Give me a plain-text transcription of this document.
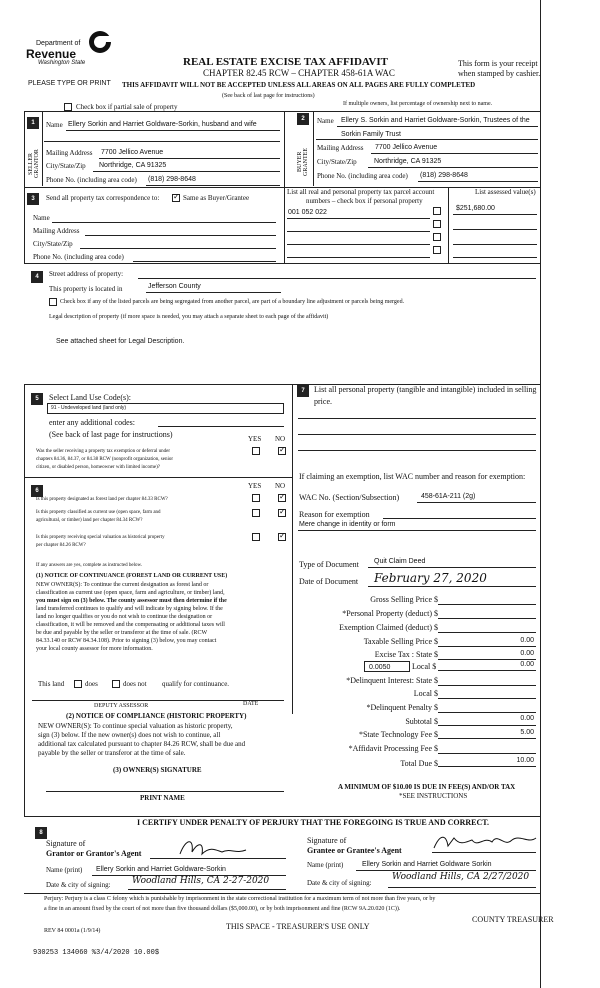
Department of
Revenue
Washington State
PLEASE TYPE OR PRINT
REAL ESTATE EXCISE TAX AFFIDAVIT
CHAPTER 82.45 RCW – CHAPTER 458-61A WAC
THIS AFFIDAVIT WILL NOT BE ACCEPTED UNLESS ALL AREAS ON ALL PAGES ARE FULLY COMPLETED
(See back of last page for instructions)
This form is your receipt
when stamped by cashier.
Check box if partial sale of property	If multiple owners, list percentage of ownership next to name.
1
SELLER GRANTOR
Name Ellery Sorkin and Harriet Goldware-Sorkin, husband and wife
Mailing Address 7700 Jellico Avenue
City/State/Zip Northridge, CA 91325
Phone No. (including area code) (818) 298-8648
2
BUYER GRANTEE
Name Ellery S. Sorkin and Harriet Goldware-Sorkin, Trustees of the
Sorkin Family Trust
Mailing Address 7700 Jellico Avenue
City/State/Zip Northridge, CA 91325
Phone No. (including area code) (818) 298-8648
3	Send all property tax correspondence to:
✓	Same as Buyer/Grantee
Name
Mailing Address
City/State/Zip
Phone No. (including area code)
List all real and personal property tax parcel account
numbers – check box if personal property
List assessed value(s)
001 052 022
$251,680.00
4	Street address of property:
This property is located in	Jefferson County
Check box if any of the listed parcels are being segregated from another parcel, are part of a boundary line adjustment or parcels being merged.
Legal description of property (if more space is needed, you may attach a separate sheet to each page of the affidavit)
See attached sheet for Legal Description.
5	Select Land Use Code(s):
91 - Undeveloped land (land only)
enter any additional codes:
(See back of last page for instructions)	YES NO
Was the seller receiving a property tax exemption or deferral under
chapters 84.36, 84.37, or 84.38 RCW (nonprofit organization, senior
citizen, or disabled person, homeowner with limited income)?
✓
6
YES NO
Is this property designated as forest land per chapter 84.33 RCW?
✓
Is this property classified as current use (open space, farm and
agricultural, or timber) land per chapter 84.34 RCW?
✓
Is this property receiving special valuation as historical property
per chapter 84.26 RCW?
✓
If any answers are yes, complete as instructed below.
(1) NOTICE OF CONTINUANCE (FOREST LAND OR CURRENT USE)
NEW OWNER(S): To continue the current designation as forest land or
classification as current use (open space, farm and agriculture, or timber) land,
you must sign on (3) below. The county assessor must then determine if the
land transferred continues to qualify and will indicate by signing below. If the
land no longer qualifies or you do not wish to continue the designation or
classification, it will be removed and the compensating or additional taxes will
be due and payable by the seller or transferor at the time of sale. (RCW
84.33.140 or RCW 84.34.108). Prior to signing (3) below, you may contact
your local county assessor for more information.
This land	does	does not qualify for continuance.
DEPUTY ASSESSOR	DATE
(2) NOTICE OF COMPLIANCE (HISTORIC PROPERTY)
NEW OWNER(S): To continue special valuation as historic property,
sign (3) below. If the new owner(s) does not wish to continue, all
additional tax calculated pursuant to chapter 84.26 RCW, shall be due and
payable by the seller or transferor at the time of sale.
(3) OWNER(S) SIGNATURE
PRINT NAME
7	List all personal property (tangible and intangible) included in selling
price.
If claiming an exemption, list WAC number and reason for exemption:
WAC No. (Section/Subsection)	458-61A-211 (2g)
Reason for exemption
Mere change in identity or form
Type of Document Quit Claim Deed
Date of Document February 27, 2020
Gross Selling Price $
*Personal Property (deduct) $
Exemption Claimed (deduct) $
Taxable Selling Price $	0.00
Excise Tax : State $	0.00
0.0050	Local $	0.00
*Delinquent Interest: State $
Local $
*Delinquent Penalty $
Subtotal $	0.00
*State Technology Fee $	5.00
*Affidavit Processing Fee $
Total Due $	10.00
A MINIMUM OF $10.00 IS DUE IN FEE(S) AND/OR TAX
*SEE INSTRUCTIONS
8
I CERTIFY UNDER PENALTY OF PERJURY THAT THE FOREGOING IS TRUE AND CORRECT.
Signature of
Grantor or Grantor's Agent
Name (print) Ellery Sorkin and Harriet Goldware-Sorkin
Date & city of signing: Woodland Hills, CA 2-27-2020
Signature of
Grantee or Grantee's Agent
Name (print)	Ellery Sorkin and Harriet Goldware Sorkin
Date & city of signing:
Woodland Hills, CA 2/27/2020
Perjury: Perjury is a class C felony which is punishable by imprisonment in the state correctional institution for a maximum term of not more than five years, or by
a fine in an amount fixed by the court of not more than five thousand dollars ($5,000.00), or by both imprisonment and fine (RCW 9A.20.020 (1C)).
REV 84 0001a (1/9/14)	THIS SPACE - TREASURER'S USE ONLY
COUNTY TREASURER
930253 134060 %3/4/2020 10.00$
